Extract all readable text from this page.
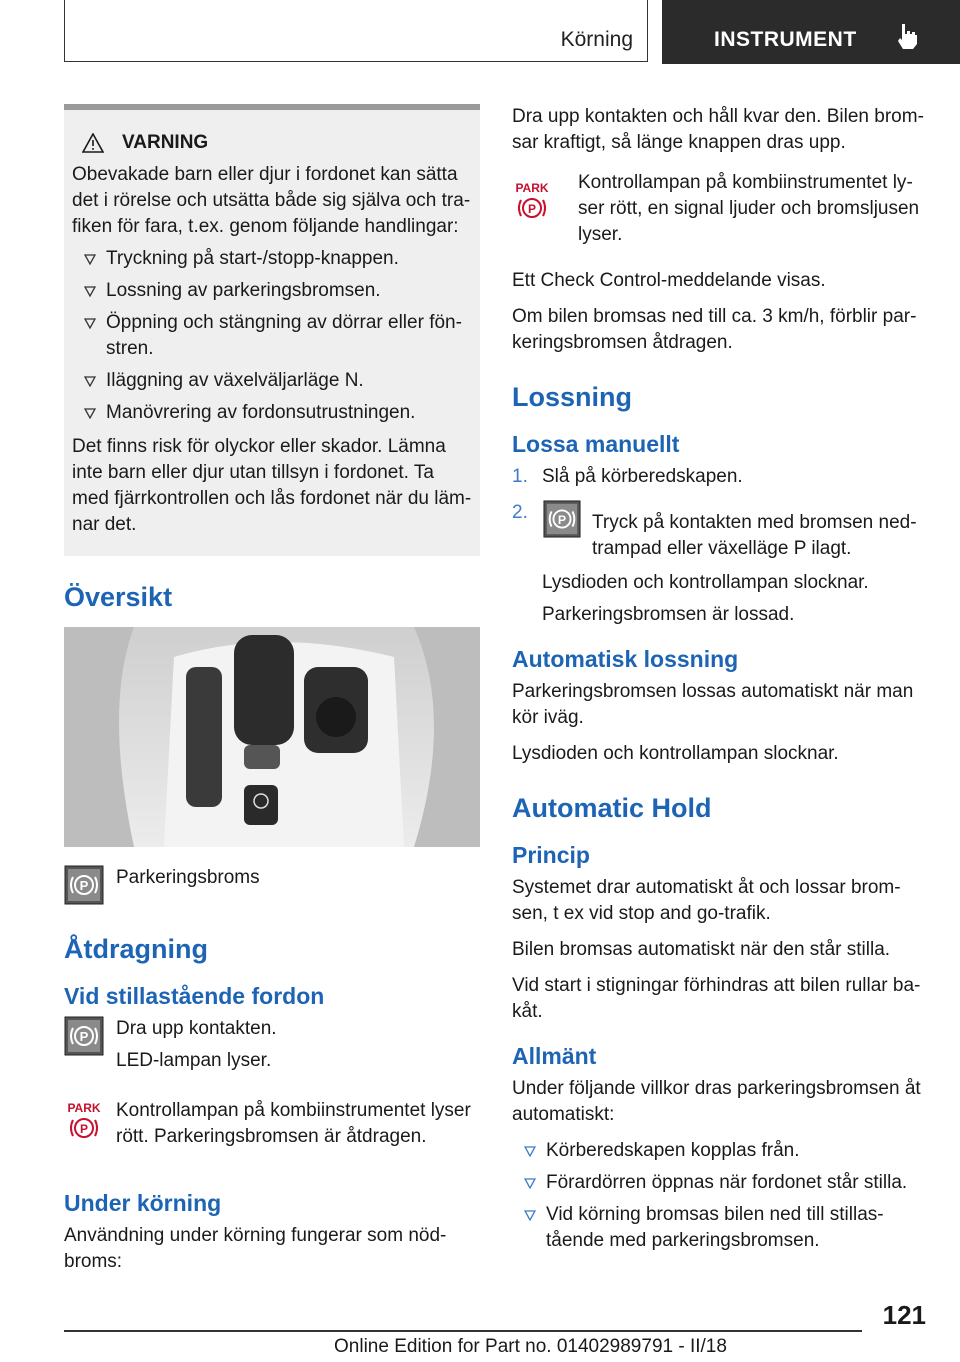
Körning	INSTRUMENT
VARNING

Obevakade barn eller djur i fordonet kan sätta det i rörelse och utsätta både sig själva och trafiken för fara, t.ex. genom följande handlingar:

Tryckning på start-/stopp-knappen.
Lossning av parkeringsbromsen.
Öppning och stängning av dörrar eller fönstren.
Iläggning av växelväljarläge N.
Manövrering av fordonsutrustningen.

Det finns risk för olyckor eller skador. Lämna inte barn eller djur utan tillsyn i fordonet. Ta med fjärrkontrollen och lås fordonet när du lämnar det.

Översikt
P Parkeringsbroms
Åtdragning
Vid stillastående fordon
P Dra upp kontakten.

LED-lampan lyser.

PARK
P
Kontrollampan på kombiinstrumentet lyser rött. Parkeringsbromsen är åtdragen.
Under körning

Användning under körning fungerar som nödbroms:

Dra upp kontakten och håll kvar den. Bilen bromsar kraftigt, så länge knappen dras upp.

PARK
P
Kontrollampan på kombiinstrumentet lyser rött, en signal ljuder och bromsljusen lyser.

Ett Check Control-meddelande visas.

Om bilen bromsas ned till ca. 3 km/h, förblir parkeringsbromsen åtdragen.

Lossning
Lossa manuellt
1. Slå på körberedskapen.
2. P Tryck på kontakten med bromsen nedtrampad eller växelläge P ilagt.

Lysdioden och kontrollampan slocknar.

Parkeringsbromsen är lossad.

Automatisk lossning

Parkeringsbromsen lossas automatiskt när man kör iväg.

Lysdioden och kontrollampan slocknar.

Automatic Hold
Princip

Systemet drar automatiskt åt och lossar bromsen, t ex vid stop and go-trafik.

Bilen bromsas automatiskt när den står stilla.

Vid start i stigningar förhindras att bilen rullar bakåt.

Allmänt

Under följande villkor dras parkeringsbromsen åt automatiskt:

Körberedskapen kopplas från.
Förardörren öppnas när fordonet står stilla.
Vid körning bromsas bilen ned till stillastående med parkeringsbromsen.
121
Online Edition for Part no. 01402989791 - II/18
